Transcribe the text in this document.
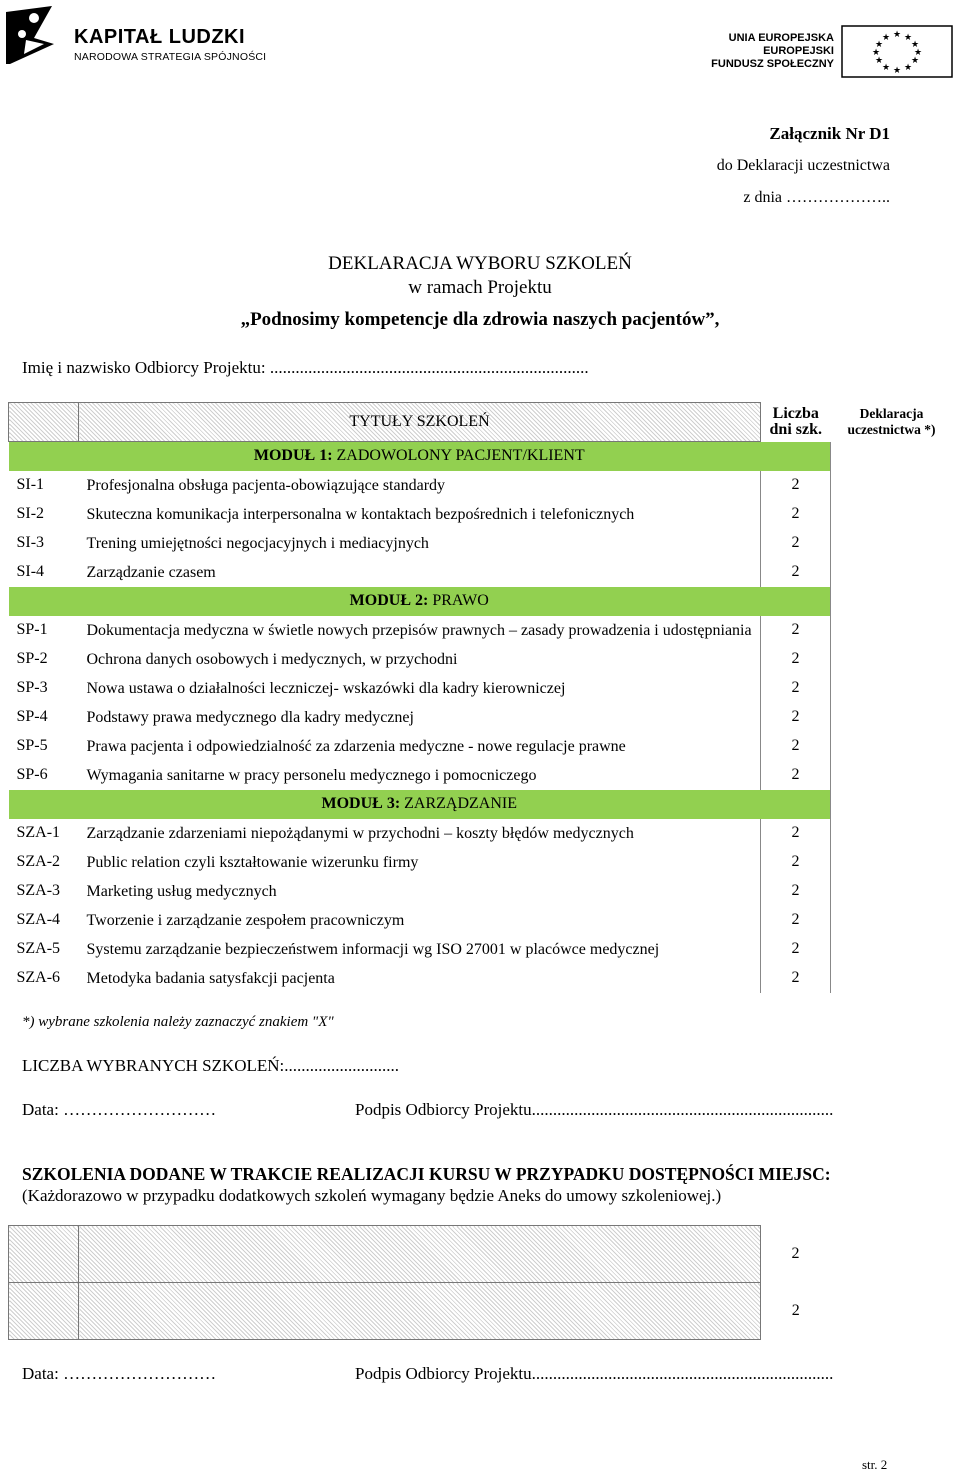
KAPITAŁ LUDZKI
NARODOWA STRATEGIA SPÓJNOŚCI
UNIA EUROPEJSKA
EUROPEJSKI
FUNDUSZ SPOŁECZNY
★ ★
★
★
★
★
★
★
★
★
★
★
Załącznik Nr D1
do Deklaracji uczestnictwa
z dnia ………………..
DEKLARACJA WYBORU SZKOLEŃ
w ramach Projektu
„Podnosimy kompetencje dla zdrowia naszych pacjentów”,
Imię i nazwisko Odbiorcy Projektu: ...........................................................................
	TYTUŁY SZKOLEŃ	Liczba dni szk.	Deklaracja uczestnictwa *)
MODUŁ 1: ZADOWOLONY PACJENT/KLIENT			
SI-1	Profesjonalna obsługa pacjenta-obowiązujące standardy	2	
SI-2	Skuteczna komunikacja interpersonalna w kontaktach bezpośrednich i telefonicznych	2	
SI-3	Trening umiejętności negocjacyjnych i mediacyjnych	2	
SI-4	Zarządzanie czasem	2	
MODUŁ 2: PRAWO			
SP-1	Dokumentacja medyczna w świetle nowych przepisów prawnych – zasady prowadzenia i udostępniania	2	
SP-2	Ochrona danych osobowych i medycznych, w przychodni	2	
SP-3	Nowa ustawa o działalności leczniczej- wskazówki dla kadry kierowniczej	2	
SP-4	Podstawy prawa medycznego dla kadry medycznej	2	
SP-5	Prawa pacjenta i odpowiedzialność za zdarzenia medyczne - nowe regulacje prawne	2	
SP-6	Wymagania sanitarne w pracy personelu medycznego i pomocniczego	2	
MODUŁ 3: ZARZĄDZANIE			
SZA-1	Zarządzanie zdarzeniami niepożądanymi w przychodni – koszty błędów medycznych	2	
SZA-2	Public relation czyli kształtowanie wizerunku firmy	2	
SZA-3	Marketing usług medycznych	2	
SZA-4	Tworzenie i zarządzanie zespołem pracowniczym	2	
SZA-5	Systemu zarządzanie bezpieczeństwem informacji wg ISO 27001 w placówce medycznej	2	
SZA-6	Metodyka badania satysfakcji pacjenta	2	
*) wybrane szkolenia należy zaznaczyć znakiem "X"
LICZBA WYBRANYCH SZKOLEŃ:...........................
Data: ………………………	Podpis Odbiorcy Projektu.......................................................................
SZKOLENIA DODANE W TRAKCIE REALIZACJI KURSU W PRZYPADKU DOSTĘPNOŚCI MIEJSC:
(Każdorazowo w przypadku dodatkowych szkoleń wymagany będzie Aneks do umowy szkoleniowej.)
		2	
		2	
Data: ………………………	Podpis Odbiorcy Projektu.......................................................................
str. 2
